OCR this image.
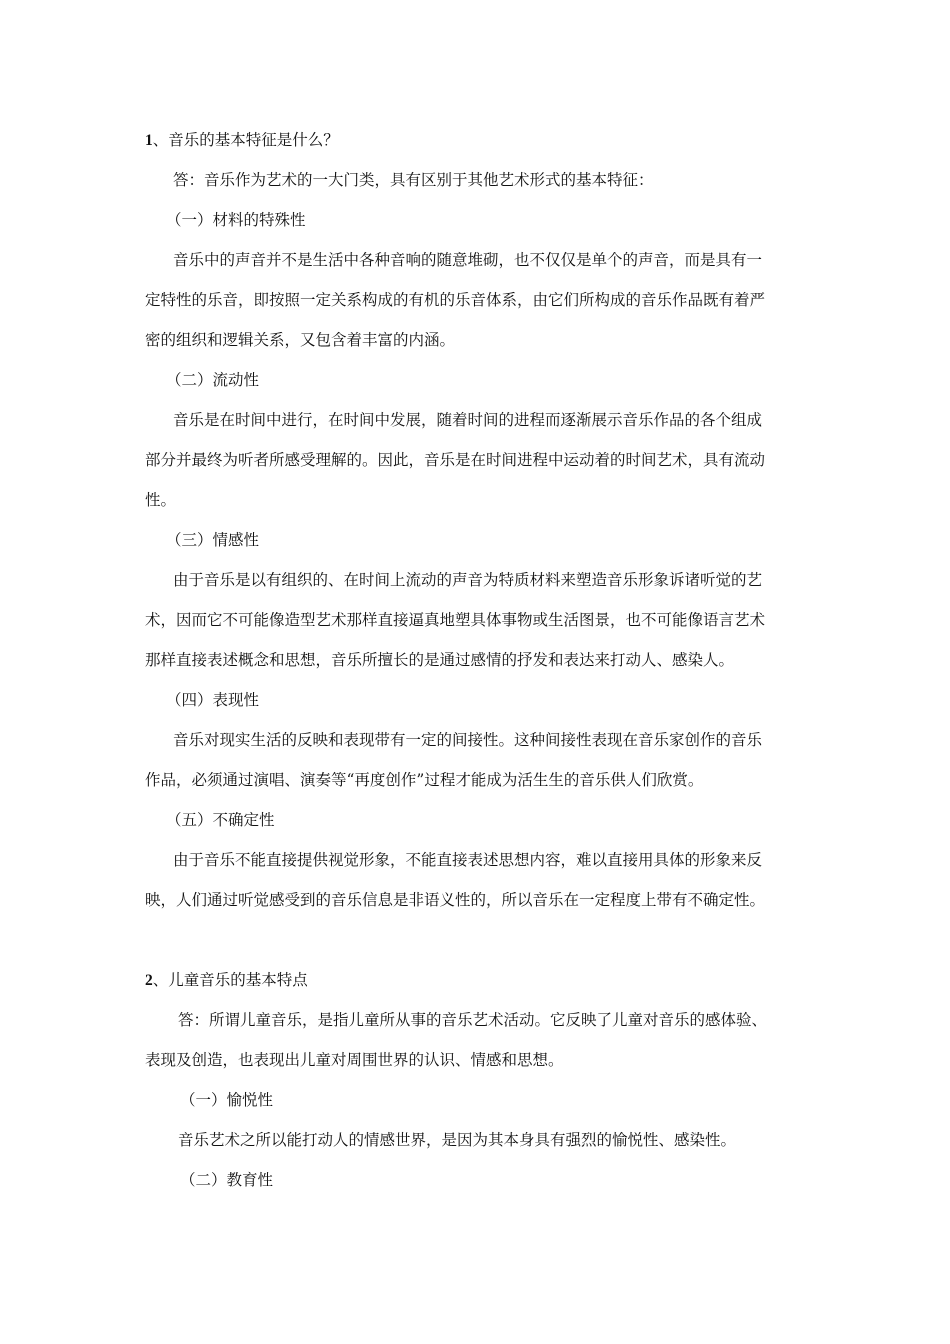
1、音乐的基本特征是什么？
答：音乐作为艺术的一大门类，具有区别于其他艺术形式的基本特征：
（一）材料的特殊性
音乐中的声音并不是生活中各种音响的随意堆砌，也不仅仅是单个的声音，而是具有一
定特性的乐音，即按照一定关系构成的有机的乐音体系，由它们所构成的音乐作品既有着严
密的组织和逻辑关系，又包含着丰富的内涵。
（二）流动性
音乐是在时间中进行，在时间中发展，随着时间的进程而逐渐展示音乐作品的各个组成
部分并最终为听者所感受理解的。因此，音乐是在时间进程中运动着的时间艺术，具有流动
性。
（三）情感性
由于音乐是以有组织的、在时间上流动的声音为特质材料来塑造音乐形象诉诸听觉的艺
术，因而它不可能像造型艺术那样直接逼真地塑具体事物或生活图景，也不可能像语言艺术
那样直接表述概念和思想，音乐所擅长的是通过感情的抒发和表达来打动人、感染人。
（四）表现性
音乐对现实生活的反映和表现带有一定的间接性。这种间接性表现在音乐家创作的音乐
作品，必须通过演唱、演奏等“再度创作”过程才能成为活生生的音乐供人们欣赏。
（五）不确定性
由于音乐不能直接提供视觉形象，不能直接表述思想内容，难以直接用具体的形象来反
映，人们通过听觉感受到的音乐信息是非语义性的，所以音乐在一定程度上带有不确定性。
2、儿童音乐的基本特点
答：所谓儿童音乐，是指儿童所从事的音乐艺术活动。它反映了儿童对音乐的感体验、
表现及创造，也表现出儿童对周围世界的认识、情感和思想。
（一）愉悦性
音乐艺术之所以能打动人的情感世界，是因为其本身具有强烈的愉悦性、感染性。
（二）教育性
